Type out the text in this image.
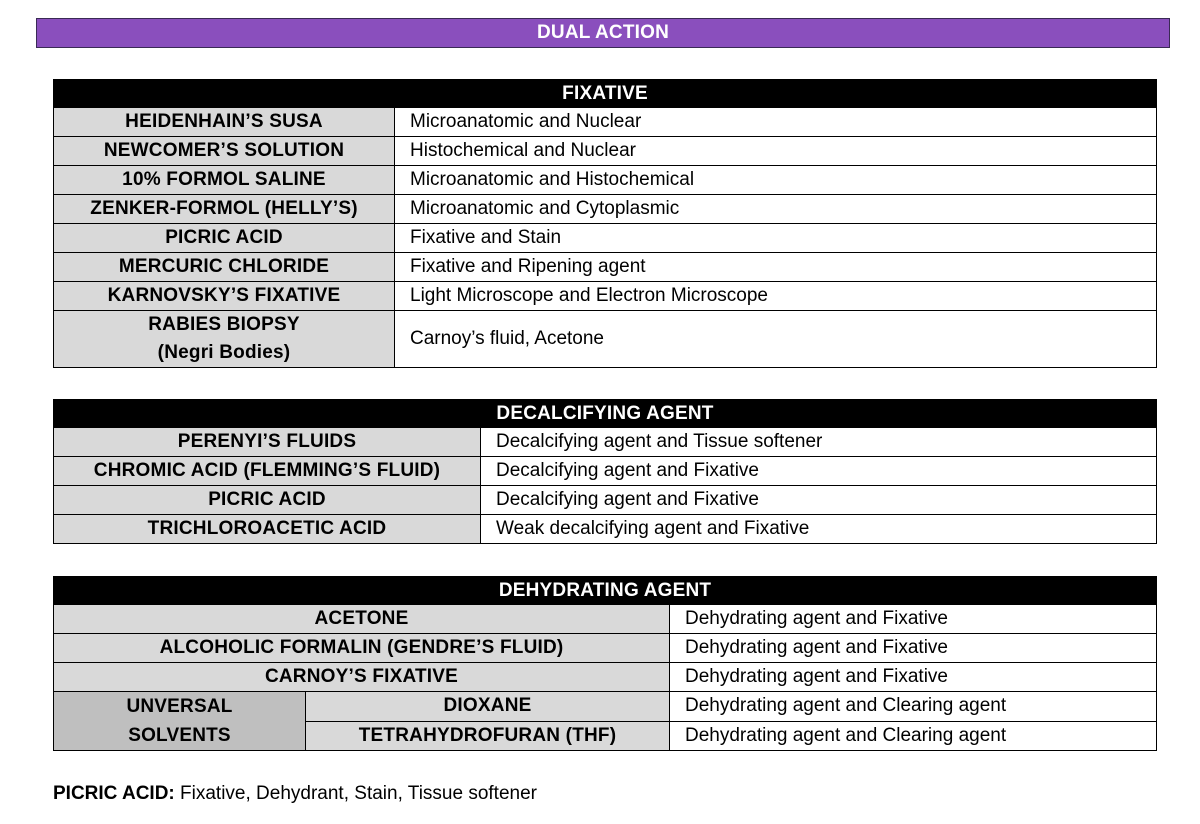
DUAL ACTION
FIXATIVE	
HEIDENHAIN’S SUSA	Microanatomic and Nuclear
NEWCOMER’S SOLUTION	Histochemical and Nuclear
10% FORMOL SALINE	Microanatomic and Histochemical
ZENKER-FORMOL (HELLY’S)	Microanatomic and Cytoplasmic
PICRIC ACID	Fixative and Stain
MERCURIC CHLORIDE	Fixative and Ripening agent
KARNOVSKY’S FIXATIVE	Light Microscope and Electron Microscope

RABIES BIOPSY
(Negri Bodies)	Carnoy’s fluid, Acetone
DECALCIFYING AGENT	
PERENYI’S FLUIDS	Decalcifying agent and Tissue softener
CHROMIC ACID (FLEMMING’S FLUID)	Decalcifying agent and Fixative
PICRIC ACID	Decalcifying agent and Fixative
TRICHLOROACETIC ACID	Weak decalcifying agent and Fixative
DEHYDRATING AGENT		
ACETONE		Dehydrating agent and Fixative
ALCOHOLIC FORMALIN (GENDRE’S FLUID)		Dehydrating agent and Fixative
CARNOY’S FIXATIVE		Dehydrating agent and Fixative

UNVERSAL
SOLVENTS	DIOXANE	Dehydrating agent and Clearing agent
	TETRAHYDROFURAN (THF)	Dehydrating agent and Clearing agent
PICRIC ACID: Fixative, Dehydrant, Stain, Tissue softener
